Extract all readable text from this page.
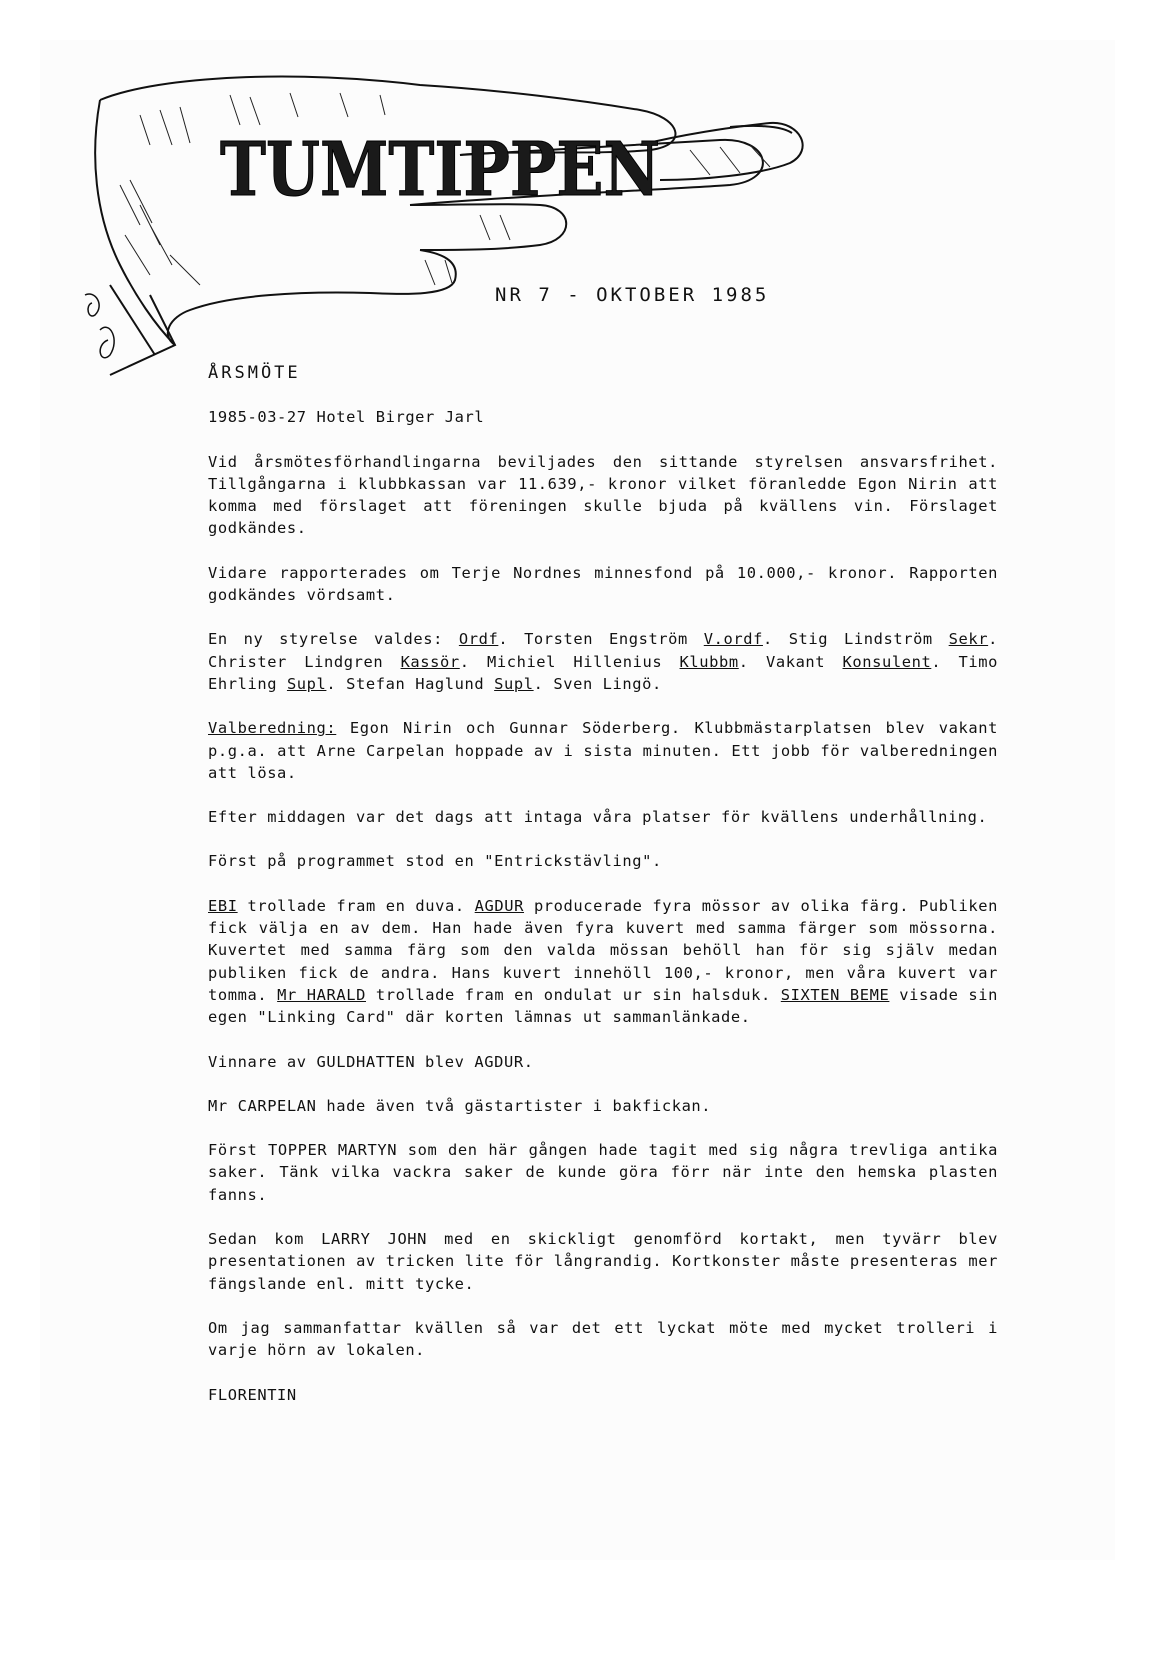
TUMTIPPEN
NR 7 - OKTOBER 1985

ÅRSMÖTE

1985-03-27 Hotel Birger Jarl

Vid årsmötesförhandlingarna beviljades den sittande styrelsen ansvarsfrihet. Tillgångarna i klubbkassan var 11.639,- kronor vilket föranledde Egon Nirin att komma med förslaget att föreningen skulle bjuda på kvällens vin. Förslaget godkändes.

Vidare rapporterades om Terje Nordnes minnesfond på 10.000,- kronor. Rapporten godkändes vördsamt.

En ny styrelse valdes: Ordf. Torsten Engström V.ordf. Stig Lindström Sekr. Christer Lindgren Kassör. Michiel Hillenius Klubbm. Vakant Konsulent. Timo Ehrling Supl. Stefan Haglund Supl. Sven Lingö.

Valberedning: Egon Nirin och Gunnar Söderberg. Klubbmästarplatsen blev vakant p.g.a. att Arne Carpelan hoppade av i sista minuten. Ett jobb för valberedningen att lösa.

Efter middagen var det dags att intaga våra platser för kvällens underhållning.

Först på programmet stod en "Entrickstävling".

EBI trollade fram en duva. AGDUR producerade fyra mössor av olika färg. Publiken fick välja en av dem. Han hade även fyra kuvert med samma färger som mössorna. Kuvertet med samma färg som den valda mössan behöll han för sig själv medan publiken fick de andra. Hans kuvert innehöll 100,- kronor, men våra kuvert var tomma. Mr HARALD trollade fram en ondulat ur sin halsduk. SIXTEN BEME visade sin egen "Linking Card" där korten lämnas ut sammanlänkade.

Vinnare av GULDHATTEN blev AGDUR.

Mr CARPELAN hade även två gästartister i bakfickan.

Först TOPPER MARTYN som den här gången hade tagit med sig några trevliga antika saker. Tänk vilka vackra saker de kunde göra förr när inte den hemska plasten fanns.

Sedan kom LARRY JOHN med en skickligt genomförd kortakt, men tyvärr blev presentationen av tricken lite för långrandig. Kortkonster måste presenteras mer fängslande enl. mitt tycke.

Om jag sammanfattar kvällen så var det ett lyckat möte med mycket trolleri i varje hörn av lokalen.

FLORENTIN
